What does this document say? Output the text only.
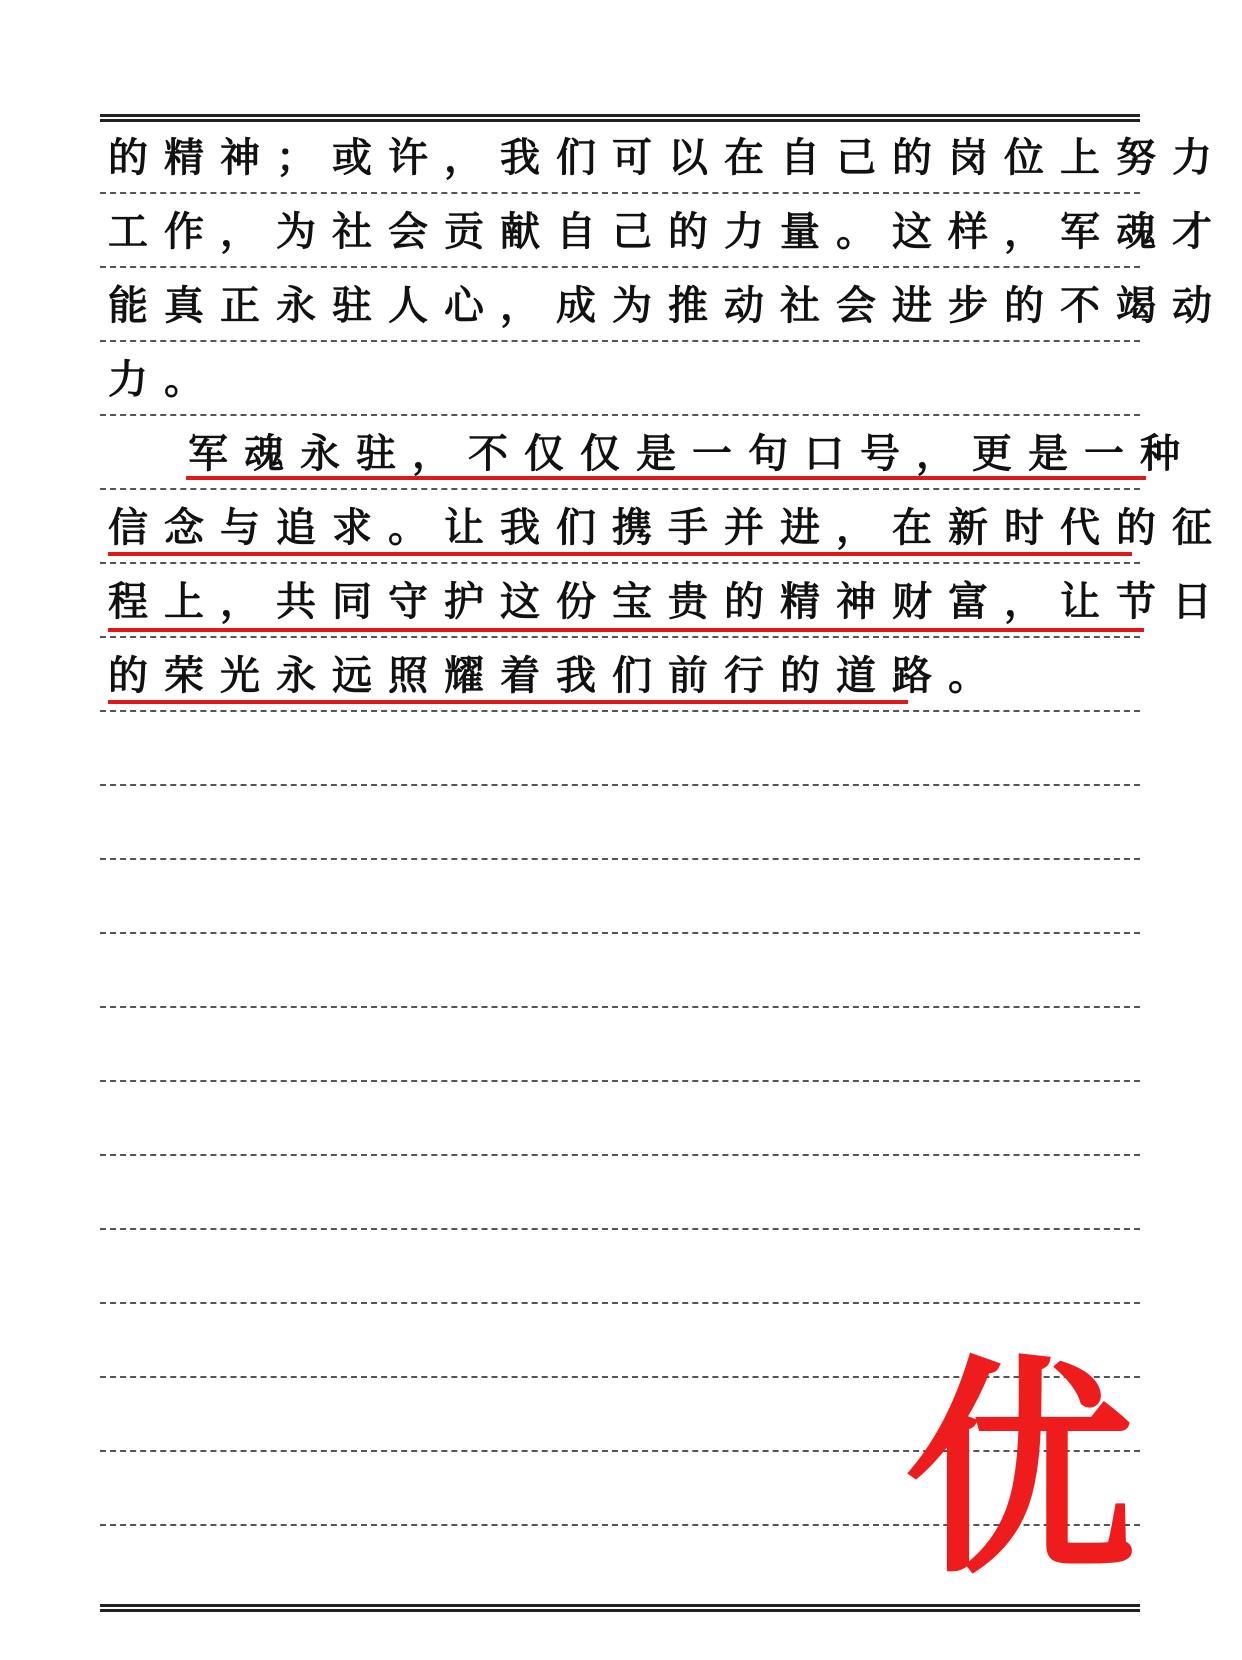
的精神；或许，我们可以在自己的岗位上努力
工作，为社会贡献自己的力量。这样，军魂才
能真正永驻人心，成为推动社会进步的不竭动
力。
军魂永驻，不仅仅是一句口号，更是一种
信念与追求。让我们携手并进，在新时代的征
程上，共同守护这份宝贵的精神财富，让节日
的荣光永远照耀着我们前行的道路。
优
